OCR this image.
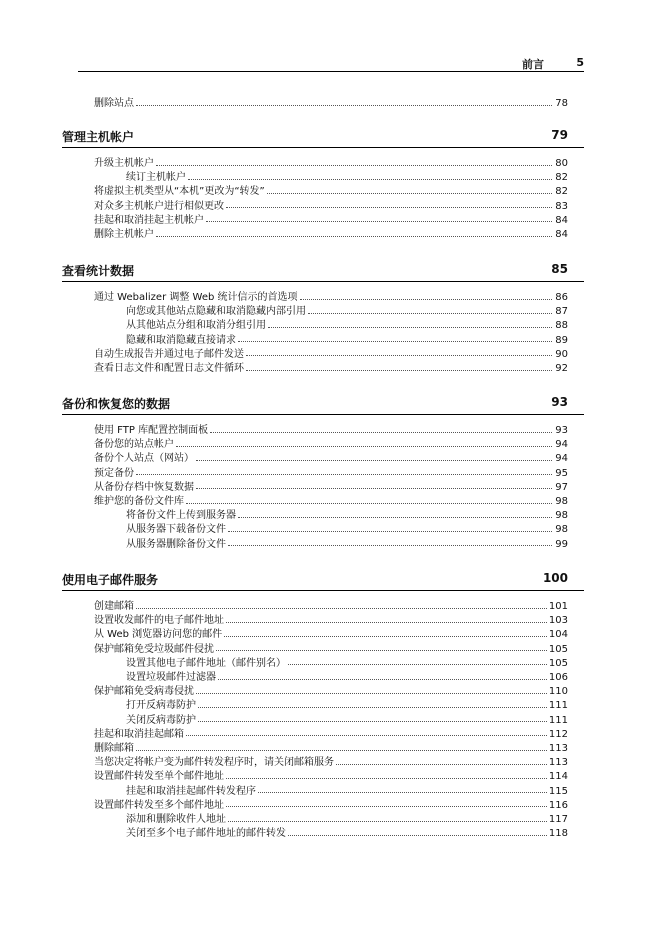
前言	5
删除站点	78
管理主机帐户	79
升级主机帐户	80
续订主机帐户	82
将虚拟主机类型从“本机”更改为“转发”	82
对众多主机帐户进行相似更改	83
挂起和取消挂起主机帐户	84
删除主机帐户	84
查看统计数据	85
通过 Webalizer 调整 Web 统计信示的首选项	86
向您或其他站点隐藏和取消隐藏内部引用	87
从其他站点分组和取消分组引用	88
隐藏和取消隐藏直接请求	89
自动生成报告并通过电子邮件发送	90
查看日志文件和配置日志文件循环	92
备份和恢复您的数据	93
使用 FTP 库配置控制面板	93
备份您的站点帐户	94
备份个人站点（网站）	94
预定备份	95
从备份存档中恢复数据	97
维护您的备份文件库	98
将备份文件上传到服务器	98
从服务器下载备份文件	98
从服务器删除备份文件	99
使用电子邮件服务	100
创建邮箱	101
设置收发邮件的电子邮件地址	103
从 Web 浏览器访问您的邮件	104
保护邮箱免受垃圾邮件侵扰	105
设置其他电子邮件地址（邮件别名）	105
设置垃圾邮件过滤器	106
保护邮箱免受病毒侵扰	110
打开反病毒防护	111
关闭反病毒防护	111
挂起和取消挂起邮箱	112
删除邮箱	113
当您决定将帐户变为邮件转发程序时，请关闭邮箱服务	113
设置邮件转发至单个邮件地址	114
挂起和取消挂起邮件转发程序	115
设置邮件转发至多个邮件地址	116
添加和删除收件人地址	117
关闭至多个电子邮件地址的邮件转发	118
